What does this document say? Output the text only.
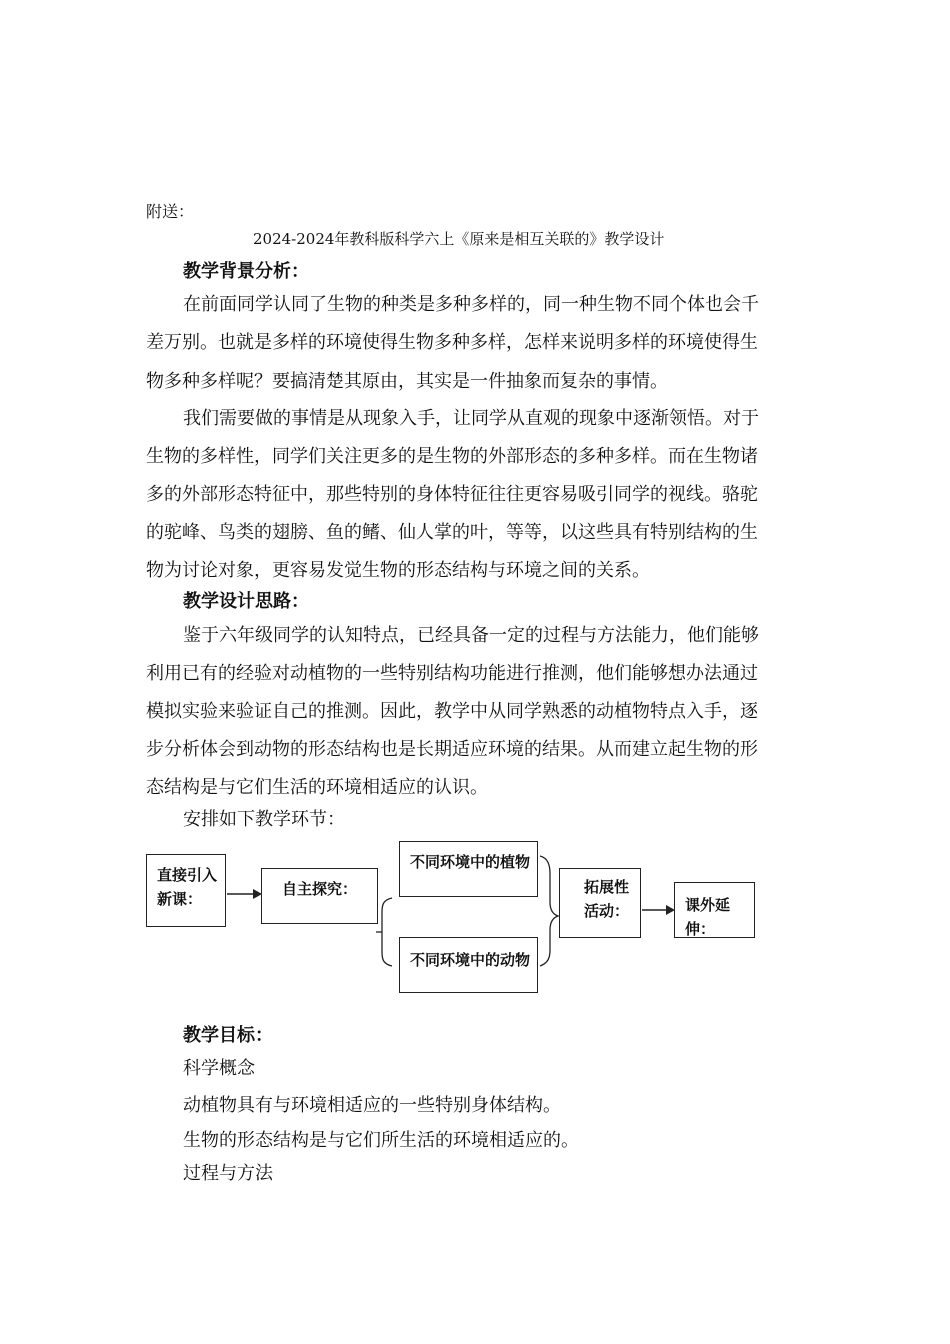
附送：
2024-2024年教科版科学六上《原来是相互关联的》教学设计
教学背景分析：
在前面同学认同了生物的种类是多种多样的，同一种生物不同个体也会千
差万别。也就是多样的环境使得生物多种多样，怎样来说明多样的环境使得生
物多种多样呢？要搞清楚其原由，其实是一件抽象而复杂的事情。
我们需要做的事情是从现象入手，让同学从直观的现象中逐渐领悟。对于
生物的多样性，同学们关注更多的是生物的外部形态的多种多样。而在生物诸
多的外部形态特征中，那些特别的身体特征往往更容易吸引同学的视线。骆驼
的驼峰、鸟类的翅膀、鱼的鳍、仙人掌的叶，等等，以这些具有特别结构的生
物为讨论对象，更容易发觉生物的形态结构与环境之间的关系。
教学设计思路：
鉴于六年级同学的认知特点，已经具备一定的过程与方法能力，他们能够
利用已有的经验对动植物的一些特别结构功能进行推测，他们能够想办法通过
模拟实验来验证自己的推测。因此，教学中从同学熟悉的动植物特点入手，逐
步分析体会到动物的形态结构也是长期适应环境的结果。从而建立起生物的形
态结构是与它们生活的环境相适应的认识。
安排如下教学环节：
直接引入
新课：
自主探究：
不同环境中的植物
不同环境中的动物
拓展性
活动：	课外延伸：
教学目标：
科学概念
动植物具有与环境相适应的一些特别身体结构。
生物的形态结构是与它们所生活的环境相适应的。
过程与方法
